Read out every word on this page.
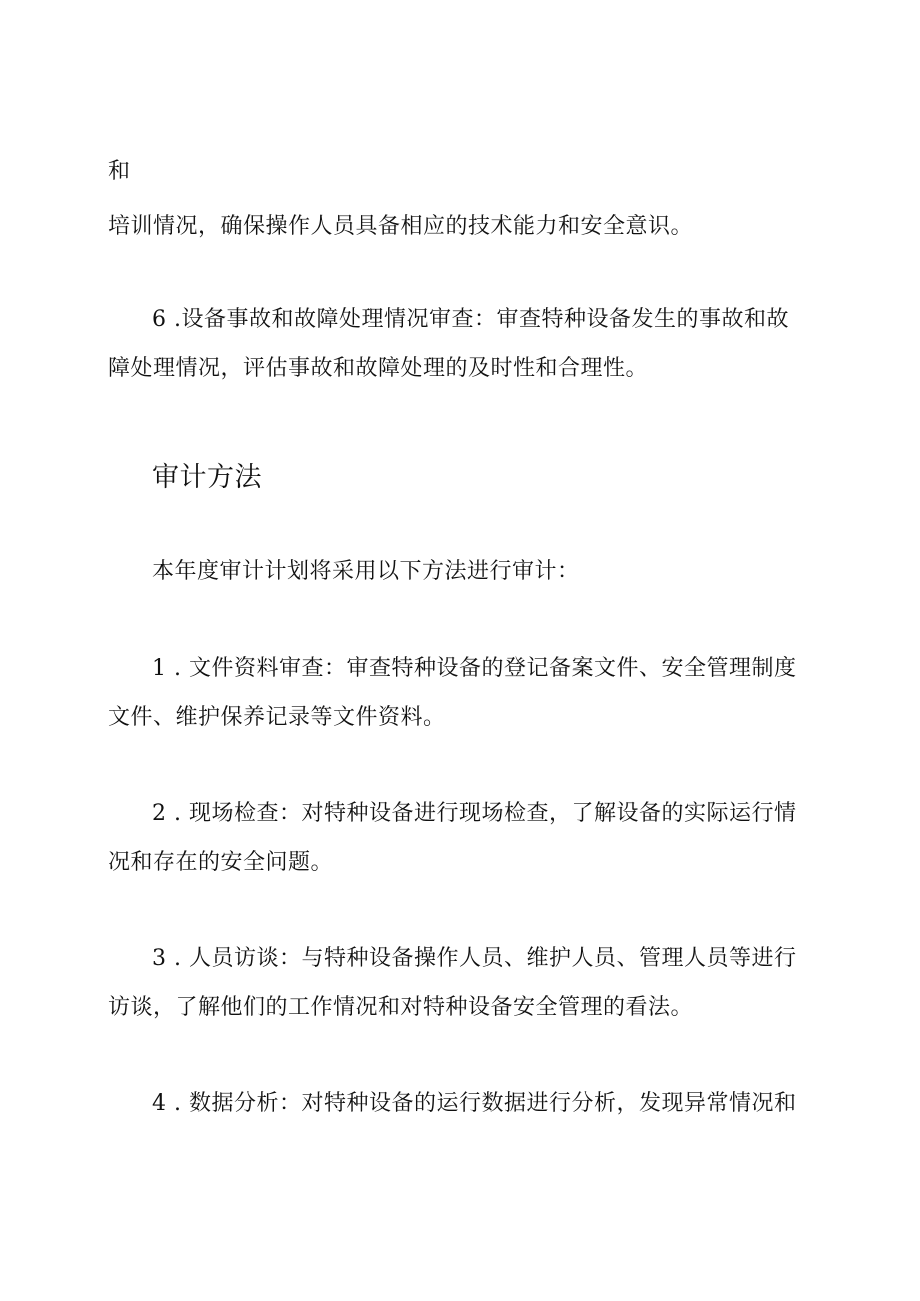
和
培训情况，确保操作人员具备相应的技术能力和安全意识。
6 .设备事故和故障处理情况审查：审查特种设备发生的事故和故
障处理情况，评估事故和故障处理的及时性和合理性。
审计方法
本年度审计计划将采用以下方法进行审计：
1 . 文件资料审查：审查特种设备的登记备案文件、安全管理制度
文件、维护保养记录等文件资料。
2 . 现场检查：对特种设备进行现场检查，了解设备的实际运行情
况和存在的安全问题。
3 . 人员访谈：与特种设备操作人员、维护人员、管理人员等进行
访谈，了解他们的工作情况和对特种设备安全管理的看法。
4 . 数据分析：对特种设备的运行数据进行分析，发现异常情况和
